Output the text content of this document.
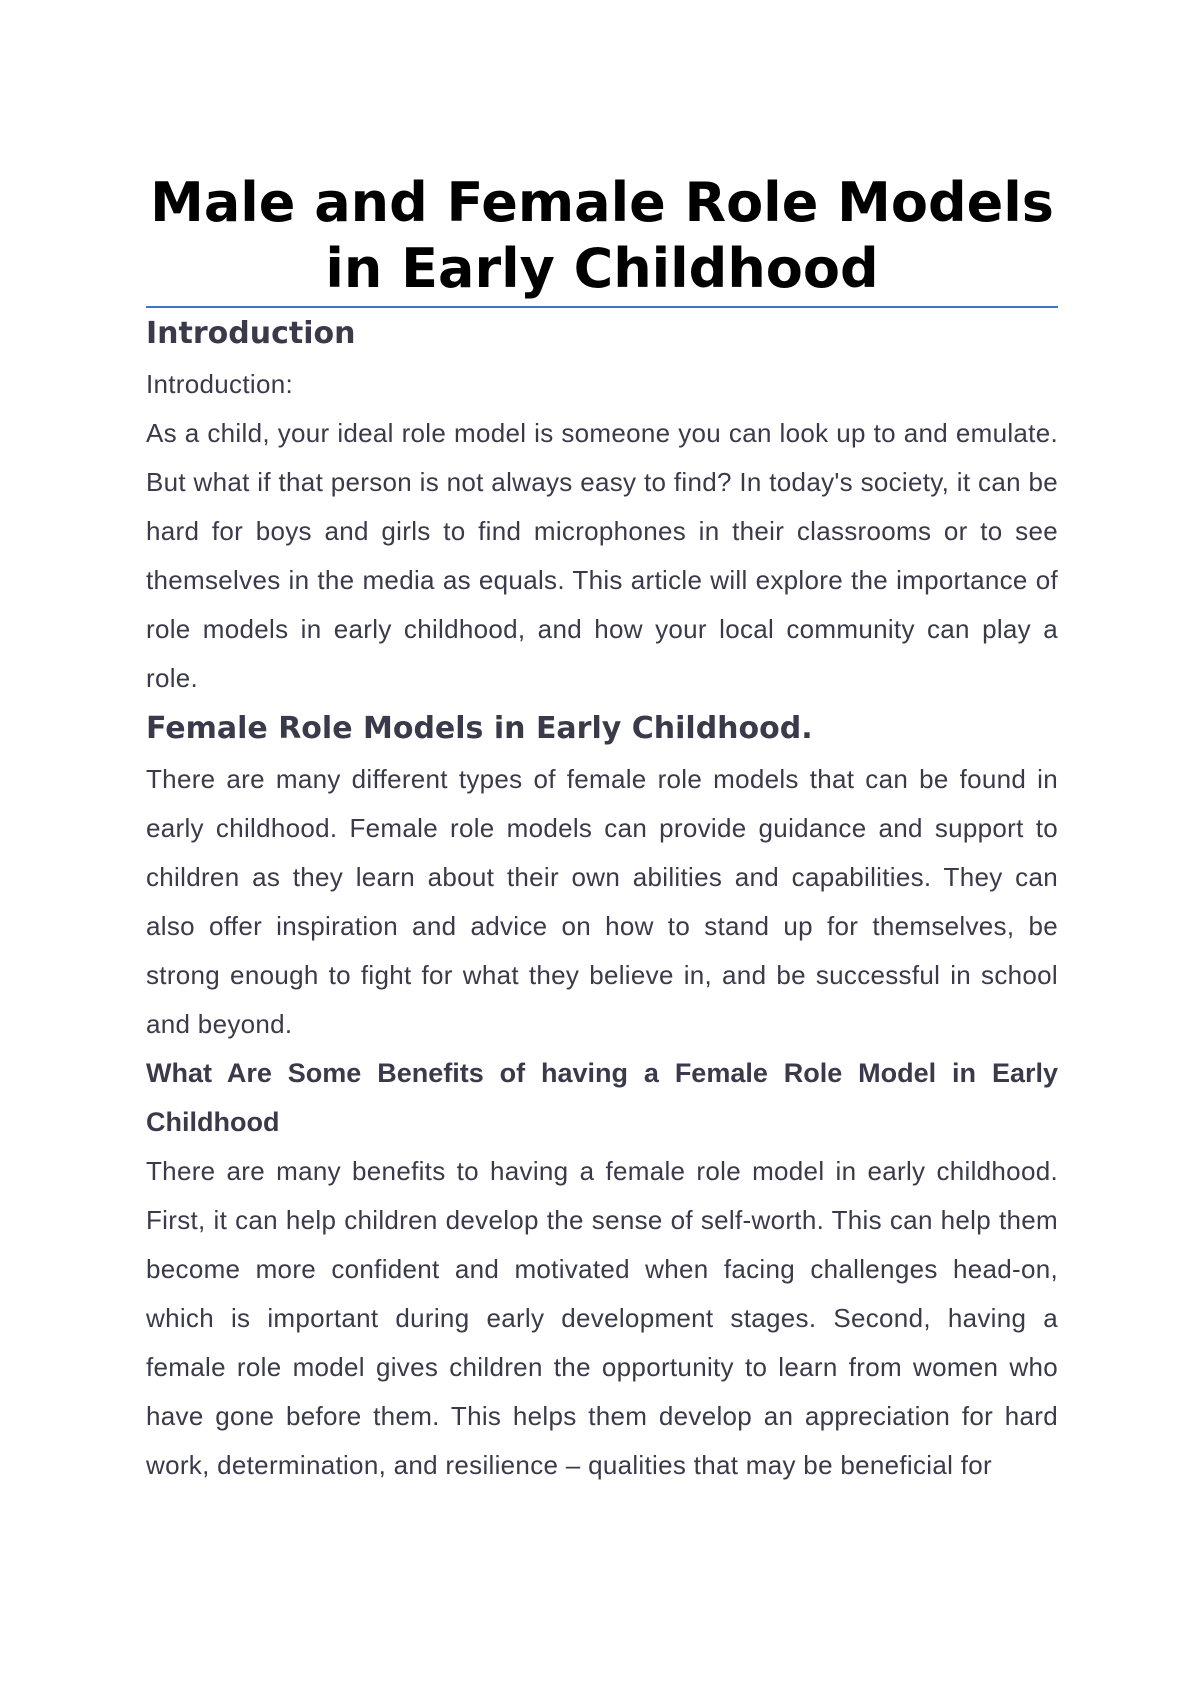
Male and Female Role Models in Early Childhood
Introduction

Introduction:

As a child, your ideal role model is someone you can look up to and emulate. But what if that person is not always easy to find? In today's society, it can be hard for boys and girls to find microphones in their classrooms or to see themselves in the media as equals. This article will explore the importance of role models in early childhood, and how your local community can play a role.

Female Role Models in Early Childhood.

There are many different types of female role models that can be found in early childhood. Female role models can provide guidance and support to children as they learn about their own abilities and capabilities. They can also offer inspiration and advice on how to stand up for themselves, be strong enough to fight for what they believe in, and be successful in school and beyond.

What Are Some Benefits of having a Female Role Model in Early Childhood

There are many benefits to having a female role model in early childhood. First, it can help children develop the sense of self-worth. This can help them become more confident and motivated when facing challenges head-on, which is important during early development stages. Second, having a female role model gives children the opportunity to learn from women who have gone before them. This helps them develop an appreciation for hard work, determination, and resilience – qualities that may be beneficial for
